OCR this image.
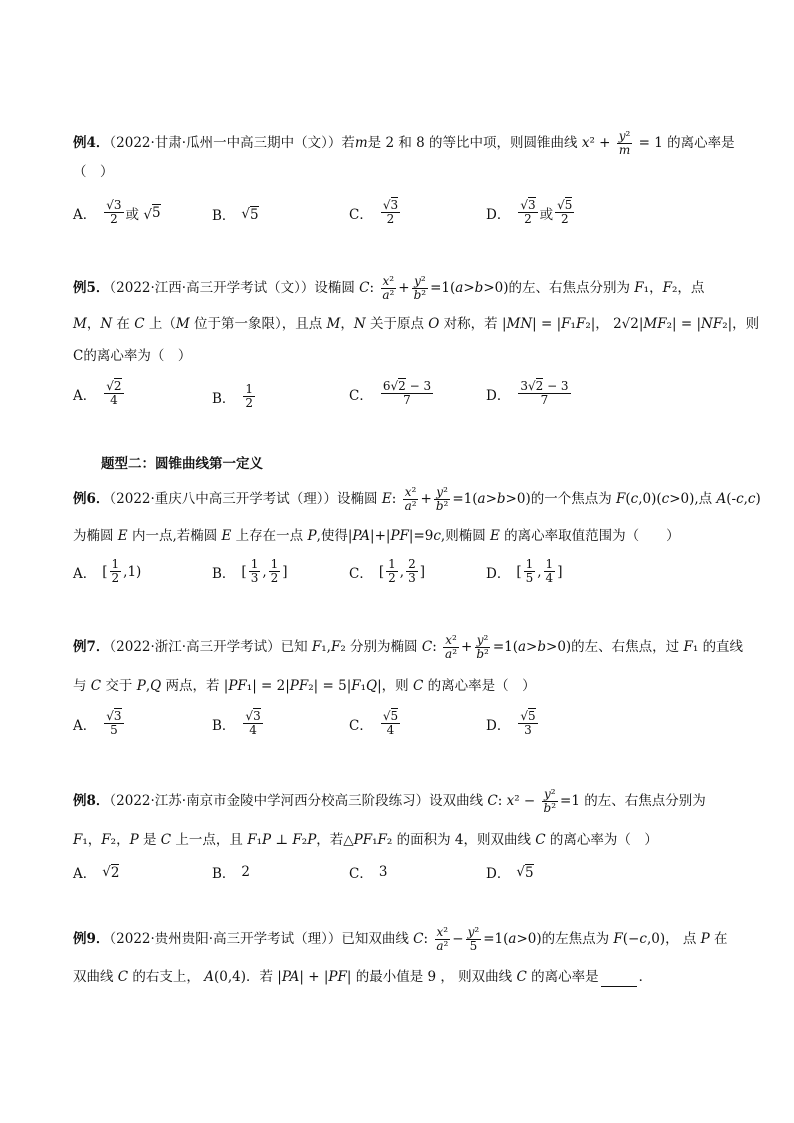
例4．（2022·甘肃·瓜州一中高三期中（文））若m是 2 和 8 的等比中项，则圆锥曲线 $x^2 + \frac{\text{y²}}{m} = 1$ 的离心率是
（　）
A． $\frac{√3}{2}$ 或 √ 5	B． √ 5	C． $\frac{√3}{2}$	D． $\frac{√3}{2}$ 或 $\frac{√5}{2}$
例5．（2022·江西·高三开学考试（文））设椭圆 C: $\frac{\text{x²}}{\text{a²}} + \frac{\text{y²}}{\text{b²}} =1(a>b>0)$的左、右焦点分别为 F₁，F₂，点
M，N 在 C 上（M 位于第一象限），且点 M，N 关于原点 O 对称，若 |MN| = |F₁F₂|， 2√2|MF₂| = |NF₂|，则
C的离心率为（　）
A． $\frac{√2}{4}$	B． $\frac{1}{2}$	C． $\frac{6√2 - 3}{7}$	D． $\frac{3√2 - 3}{7}$
题型二：圆锥曲线第一定义
例6．（2022·重庆八中高三开学考试（理））设椭圆 E: $\frac{\text{x²}}{\text{a²}} + \frac{\text{y²}}{\text{b²}} =1(a>b>0)$的一个焦点为 F(c,0)(c>0),点 A(-c,c)
为椭圆 E 内一点,若椭圆 E 上存在一点 P,使得|PA|+|PF|=9c,则椭圆 E 的离心率取值范围为（　　）
A． [ $\frac{1}{2} ,1$)	B． [ $\frac{1}{3}$ , $\frac{1}{2}$ ]	C． [ $\frac{1}{2}$ , $\frac{2}{3}$ ]	D． [ $\frac{1}{5}$ , $\frac{1}{4}$ ]
例7．（2022·浙江·高三开学考试）已知 F₁,F₂ 分别为椭圆 C: $\frac{\text{x²}}{\text{a²}} + \frac{\text{y²}}{\text{b²}} =1(a>b>0)$的左、右焦点，过 F₁ 的直线
与 C 交于 P,Q 两点，若 |PF₁| = 2|PF₂| = 5|F₁Q|，则 C 的离心率是（　）
A． $\frac{√3}{5}$	B． $\frac{√3}{4}$	C． $\frac{√5}{4}$	D． $\frac{√5}{3}$
例8．（2022·江苏·南京市金陵中学河西分校高三阶段练习）设双曲线 C: $x^2 - \frac{\text{y²}}{\text{b²}} =1$ 的左、右焦点分别为
F₁，F₂，P 是 C 上一点，且 F₁P ⊥ F₂P，若△PF₁F₂ 的面积为 4，则双曲线 C 的离心率为（　）
A． √ 2	B． 2	C． 3	D． √ 5
例9．（2022·贵州贵阳·高三开学考试（理））已知双曲线 C: $\frac{\text{x²}}{\text{a²}} - \frac{\text{y²}}{5} =1(a>0)$的左焦点为 F(−c,0)， 点 P 在
双曲线 C 的右支上， A(0,4)．若 |PA| + |PF| 的最小值是 9 ， 则双曲线 C 的离心率是	．
